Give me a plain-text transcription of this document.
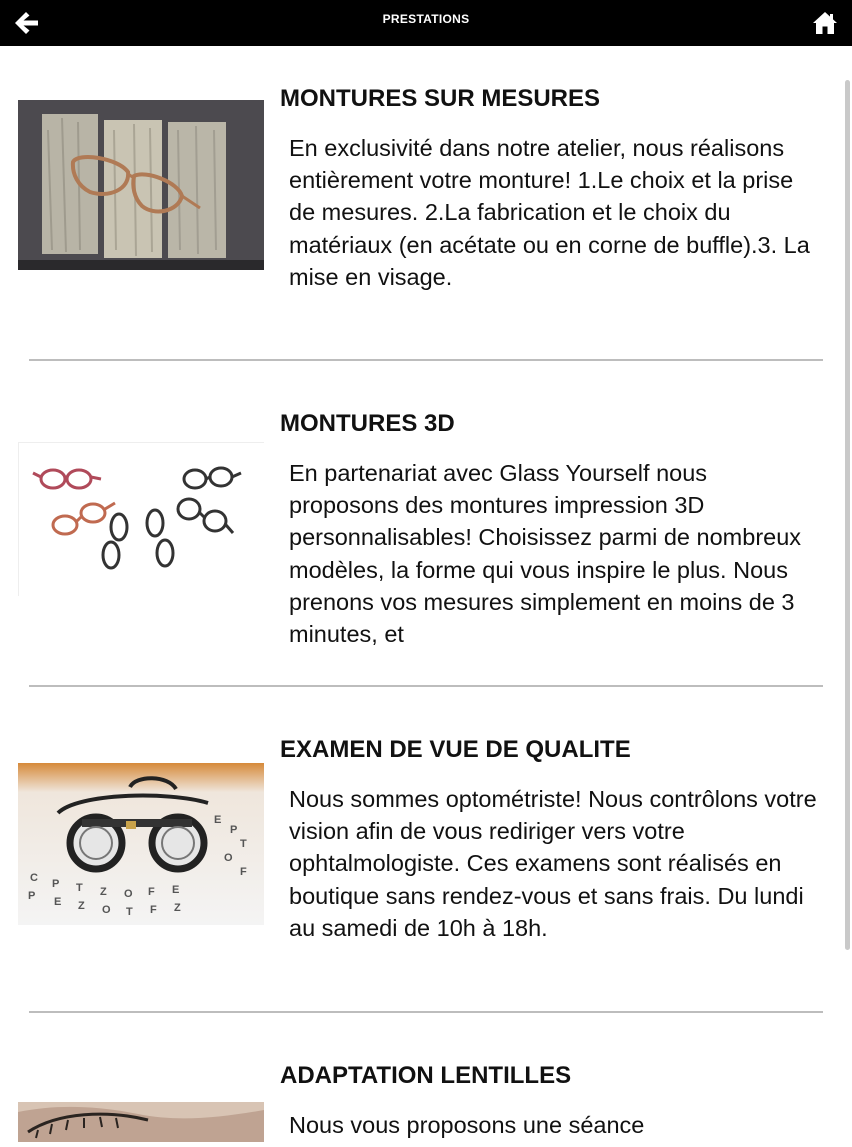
PRESTATIONS
MONTURES SUR MESURES

En exclusivité dans notre atelier, nous réalisons entièrement votre monture! 1.Le choix et la prise de mesures. 2.La fabrication et le choix du matériaux (en acétate ou en corne de buffle).3. La mise en visage.

MONTURES 3D

En partenariat avec Glass Yourself nous proposons des montures impression 3D personnalisables! Choisissez parmi de nombreux modèles, la forme qui vous inspire le plus. Nous prenons vos mesures simplement en moins de 3 minutes, et

C P T Z O F E
P E Z O T F Z
E
P
T
O
F
EXAMEN DE VUE DE QUALITE

Nous sommes optométriste! Nous contrôlons votre vision afin de vous rediriger vers votre ophtalmologiste. Ces examens sont réalisés en boutique sans rendez-vous et sans frais. Du lundi au samedi de 10h à 18h.

ADAPTATION LENTILLES

Nous vous proposons une séance
